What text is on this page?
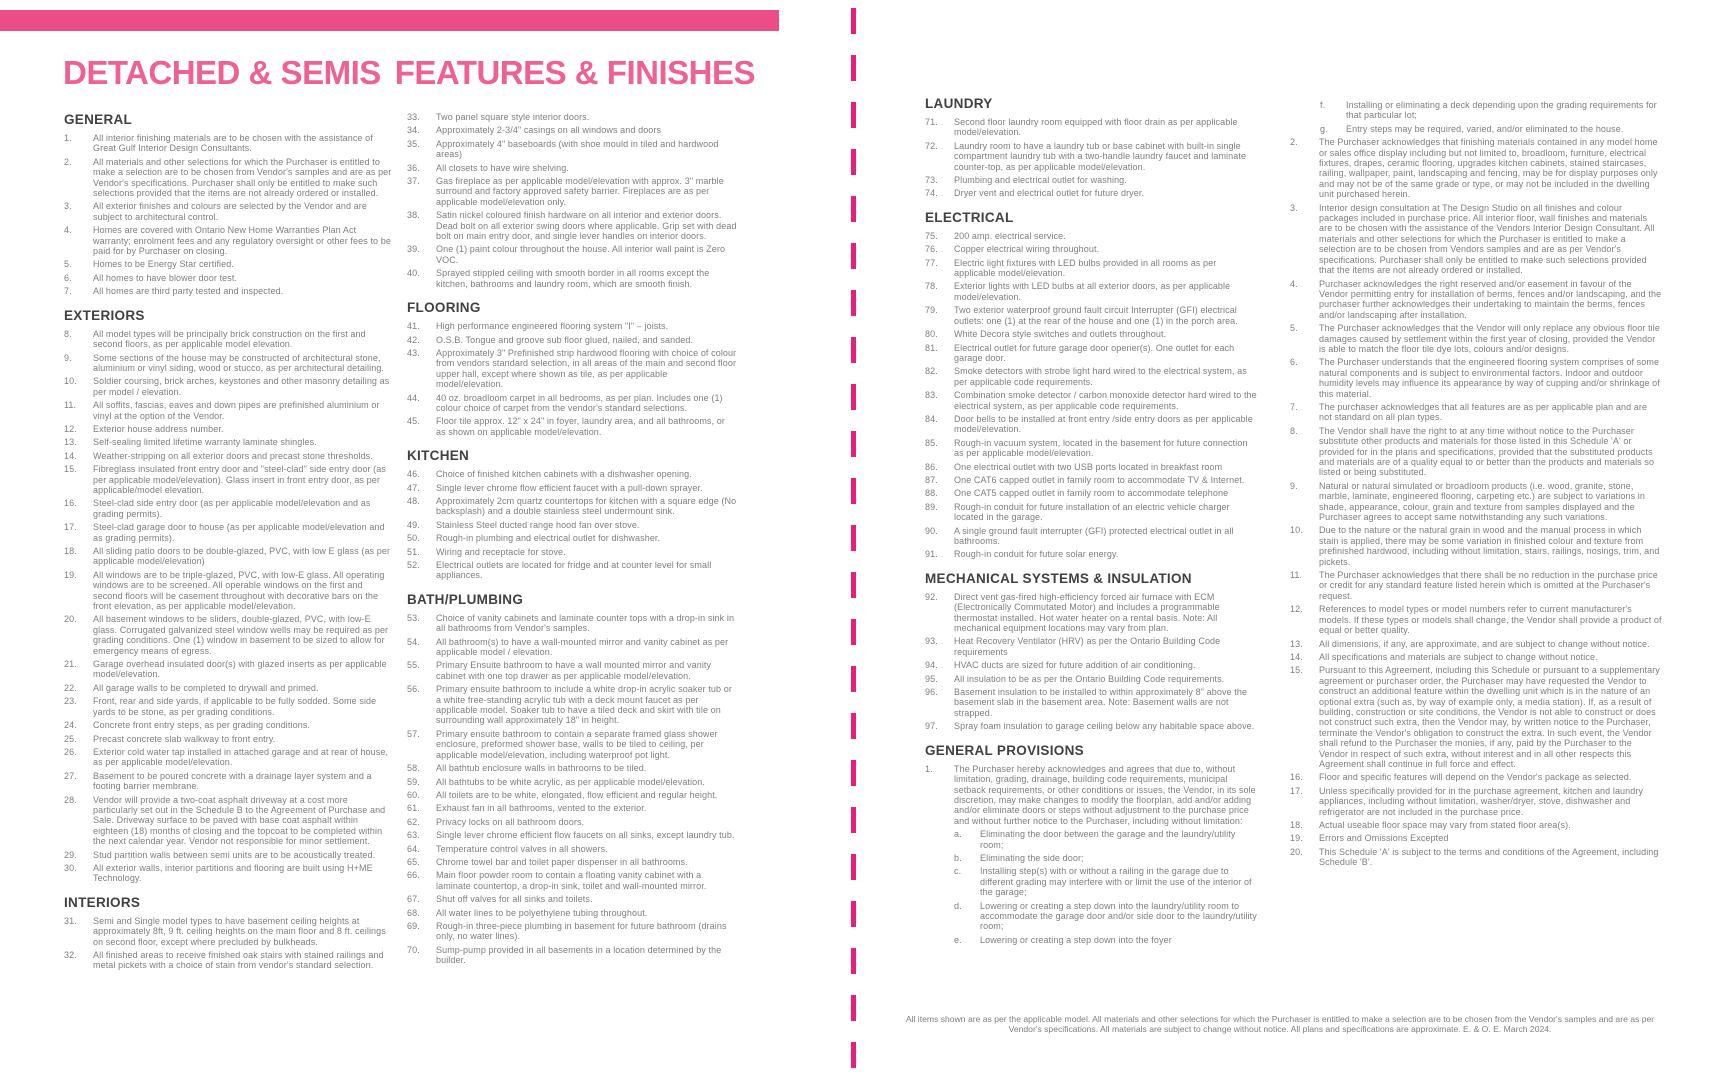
DETACHED & SEMIS FEATURES & FINISHES
GENERAL
1.	All interior finishing materials are to be chosen with the assistance of Great Gulf Interior Design Consultants.
2.	All materials and other selections for which the Purchaser is entitled to make a selection are to be chosen from Vendor's samples and are as per Vendor's specifications. Purchaser shall only be entitled to make such selections provided that the items are not already ordered or installed.
3.	All exterior finishes and colours are selected by the Vendor and are subject to architectural control.
4.	Homes are covered with Ontario New Home Warranties Plan Act warranty; enrolment fees and any regulatory oversight or other fees to be paid for by Purchaser on closing.
5.	Homes to be Energy Star certified.
6.	All homes to have blower door test.
7.	All homes are third party tested and inspected.
EXTERIORS
8.	All model types will be principally brick construction on the first and second floors, as per applicable model elevation.
9.	Some sections of the house may be constructed of architectural stone, aluminium or vinyl siding, wood or stucco, as per architectural detailing.
10.	Soldier coursing, brick arches, keystones and other masonry detailing as per model / elevation.
11.	All soffits, fascias, eaves and down pipes are prefinished aluminium or vinyl at the option of the Vendor.
12.	Exterior house address number.
13.	Self-sealing limited lifetime warranty laminate shingles.
14.	Weather-stripping on all exterior doors and precast stone thresholds.
15.	Fibreglass insulated front entry door and "steel-clad" side entry door (as per applicable model/elevation). Glass insert in front entry door, as per applicable/model elevation.
16.	Steel-clad side entry door (as per applicable model/elevation and as grading permits).
17.	Steel-clad garage door to house (as per applicable model/elevation and as grading permits).
18.	All sliding patio doors to be double-glazed, PVC, with low E glass (as per applicable model/elevation)
19.	All windows are to be triple-glazed, PVC, with low-E glass. All operating windows are to be screened. All operable windows on the first and second floors will be casement throughout with decorative bars on the front elevation, as per applicable model/elevation.
20.	All basement windows to be sliders, double-glazed, PVC, with low-E glass. Corrugated galvanized steel window wells may be required as per grading conditions. One (1) window in basement to be sized to allow for emergency means of egress.
21.	Garage overhead insulated door(s) with glazed inserts as per applicable model/elevation.
22.	All garage walls to be completed to drywall and primed.
23.	Front, rear and side yards, if applicable to be fully sodded. Some side yards to be stone, as per grading conditions.
24.	Concrete front entry steps, as per grading conditions.
25.	Precast concrete slab walkway to front entry.
26.	Exterior cold water tap installed in attached garage and at rear of house, as per applicable model/elevation.
27.	Basement to be poured concrete with a drainage layer system and a footing barrier membrane.
28.	Vendor will provide a two-coat asphalt driveway at a cost more particularly set out in the Schedule B to the Agreement of Purchase and Sale. Driveway surface to be paved with base coat asphalt within eighteen (18) months of closing and the topcoat to be completed within the next calendar year. Vendor not responsible for minor settlement.
29.	Stud partition walls between semi units are to be acoustically treated.
30.	All exterior walls, interior partitions and flooring are built using H+ME Technology.
INTERIORS
31.	Semi and Single model types to have basement ceiling heights at approximately 8ft, 9 ft. ceiling heights on the main floor and 8 ft. ceilings on second floor, except where precluded by bulkheads.
32.	All finished areas to receive finished oak stairs with stained railings and metal pickets with a choice of stain from vendor's standard selection.
33.	Two panel square style interior doors.
34.	Approximately 2-3/4" casings on all windows and doors
35.	Approximately 4" baseboards (with shoe mould in tiled and hardwood areas)
36.	All closets to have wire shelving.
37.	Gas fireplace as per applicable model/elevation with approx. 3" marble surround and factory approved safety barrier. Fireplaces are as per applicable model/elevation only.
38.	Satin nickel coloured finish hardware on all interior and exterior doors. Dead bolt on all exterior swing doors where applicable. Grip set with dead bolt on main entry door, and single lever handles on interior doors.
39.	One (1) paint colour throughout the house. All interior wall paint is Zero VOC.
40.	Sprayed stippled ceiling with smooth border in all rooms except the kitchen, bathrooms and laundry room, which are smooth finish.
FLOORING
41.	High performance engineered flooring system "I" – joists.
42.	O.S.B. Tongue and groove sub floor glued, nailed, and sanded.
43.	Approximately 3" Prefinished strip hardwood flooring with choice of colour from vendors standard selection, in all areas of the main and second floor upper hall, except where shown as tile, as per applicable model/elevation.
44.	40 oz. broadloom carpet in all bedrooms, as per plan. Includes one (1) colour choice of carpet from the vendor's standard selections.
45.	Floor tile approx. 12" x 24" in foyer, laundry area, and all bathrooms, or as shown on applicable model/elevation.
KITCHEN
46.	Choice of finished kitchen cabinets with a dishwasher opening.
47.	Single lever chrome flow efficient faucet with a pull-down sprayer.
48.	Approximately 2cm quartz countertops for kitchen with a square edge (No backsplash) and a double stainless steel undermount sink.
49.	Stainless Steel ducted range hood fan over stove.
50.	Rough-in plumbing and electrical outlet for dishwasher.
51.	Wiring and receptacle for stove.
52.	Electrical outlets are located for fridge and at counter level for small appliances.
BATH/PLUMBING
53.	Choice of vanity cabinets and laminate counter tops with a drop-in sink in all bathrooms from Vendor's samples.
54.	All bathroom(s) to have a wall-mounted mirror and vanity cabinet as per applicable model / elevation.
55.	Primary Ensuite bathroom to have a wall mounted mirror and vanity cabinet with one top drawer as per applicable model/elevation.
56.	Primary ensuite bathroom to include a white drop-in acrylic soaker tub or a white free-standing acrylic tub with a deck mount faucet as per applicable model. Soaker tub to have a tiled deck and skirt with tile on surrounding wall approximately 18" in height.
57.	Primary ensuite bathroom to contain a separate framed glass shower enclosure, preformed shower base, walls to be tiled to ceiling, per applicable model/elevation, including waterproof pot light.
58.	All bathtub enclosure walls in bathrooms to be tiled.
59.	All bathtubs to be white acrylic, as per applicable model/elevation.
60.	All toilets are to be white, elongated, flow efficient and regular height.
61.	Exhaust fan in all bathrooms, vented to the exterior.
62.	Privacy locks on all bathroom doors.
63.	Single lever chrome efficient flow faucets on all sinks, except laundry tub.
64.	Temperature control valves in all showers.
65.	Chrome towel bar and toilet paper dispenser in all bathrooms.
66.	Main floor powder room to contain a floating vanity cabinet with a laminate countertop, a drop-in sink, toilet and wall-mounted mirror.
67.	Shut off valves for all sinks and toilets.
68.	All water lines to be polyethylene tubing throughout.
69.	Rough-in three-piece plumbing in basement for future bathroom (drains only, no water lines).
70.	Sump-pump provided in all basements in a location determined by the builder.
LAUNDRY
71.	Second floor laundry room equipped with floor drain as per applicable model/elevation.
72.	Laundry room to have a laundry tub or base cabinet with built-in single compartment laundry tub with a two-handle laundry faucet and laminate counter-top, as per applicable model/elevation.
73.	Plumbing and electrical outlet for washing.
74.	Dryer vent and electrical outlet for future dryer.
ELECTRICAL
75.	200 amp. electrical service.
76.	Copper electrical wiring throughout.
77.	Electric light fixtures with LED bulbs provided in all rooms as per applicable model/elevation.
78.	Exterior lights with LED bulbs at all exterior doors, as per applicable model/elevation.
79.	Two exterior waterproof ground fault circuit Interrupter (GFI) electrical outlets: one (1) at the rear of the house and one (1) in the porch area.
80.	White Decora style switches and outlets throughout.
81.	Electrical outlet for future garage door opener(s). One outlet for each garage door.
82.	Smoke detectors with strobe light hard wired to the electrical system, as per applicable code requirements.
83.	Combination smoke detector / carbon monoxide detector hard wired to the electrical system, as per applicable code requirements.
84.	Door bells to be installed at front entry /side entry doors as per applicable model/elevation.
85.	Rough-in vacuum system, located in the basement for future connection as per applicable model/elevation.
86.	One electrical outlet with two USB ports located in breakfast room
87.	One CAT6 capped outlet in family room to accommodate TV & Internet.
88.	One CAT5 capped outlet in family room to accommodate telephone
89.	Rough-in conduit for future installation of an electric vehicle charger located in the garage.
90.	A single ground fault interrupter (GFI) protected electrical outlet in all bathrooms.
91.	Rough-in conduit for future solar energy.
MECHANICAL SYSTEMS & INSULATION
92.	Direct vent gas-fired high-efficiency forced air furnace with ECM (Electronically Commutated Motor) and includes a programmable thermostat installed. Hot water heater on a rental basis. Note: All mechanical equipment locations may vary from plan.
93.	Heat Recovery Ventilator (HRV) as per the Ontario Building Code requirements
94.	HVAC ducts are sized for future addition of air conditioning.
95.	All insulation to be as per the Ontario Building Code requirements.
96.	Basement insulation to be installed to within approximately 8" above the basement slab in the basement area. Note: Basement walls are not strapped.
97.	Spray foam insulation to garage ceiling below any habitable space above.
GENERAL PROVISIONS
1.	The Purchaser hereby acknowledges and agrees that due to, without limitation, grading, drainage, building code requirements, municipal setback requirements, or other conditions or issues, the Vendor, in its sole discretion, may make changes to modify the floorplan, add and/or adding and/or eliminate doors or steps without adjustment to the purchase price and without further notice to the Purchaser, including without limitation:
a.	Eliminating the door between the garage and the laundry/utility room;
b.	Eliminating the side door;
c.	Installing step(s) with or without a railing in the garage due to different grading may interfere with or limit the use of the interior of the garage;
d.	Lowering or creating a step down into the laundry/utility room to accommodate the garage door and/or side door to the laundry/utility room;
e.	Lowering or creating a step down into the foyer
f.	Installing or eliminating a deck depending upon the grading requirements for that particular lot;
g.	Entry steps may be required, varied, and/or eliminated to the house.
2.	The Purchaser acknowledges that finishing materials contained in any model home or sales office display including but not limited to, broadloom, furniture, electrical fixtures, drapes, ceramic flooring, upgrades kitchen cabinets, stained staircases, railing, wallpaper, paint, landscaping and fencing, may be for display purposes only and may not be of the same grade or type, or may not be included in the dwelling unit purchased herein.
3.	Interior design consultation at The Design Studio on all finishes and colour packages included in purchase price. All interior floor, wall finishes and materials are to be chosen with the assistance of the Vendors Interior Design Consultant. All materials and other selections for which the Purchaser is entitled to make a selection are to be chosen from Vendors samples and are as per Vendor's specifications. Purchaser shall only be entitled to make such selections provided that the items are not already ordered or installed.
4.	Purchaser acknowledges the right reserved and/or easement in favour of the Vendor permitting entry for installation of berms, fences and/or landscaping, and the purchaser further acknowledges their undertaking to maintain the berms, fences and/or landscaping after installation.
5.	The Purchaser acknowledges that the Vendor will only replace any obvious floor tile damages caused by settlement within the first year of closing, provided the Vendor is able to match the floor tile dye lots, colours and/or designs.
6.	The Purchaser understands that the engineered flooring system comprises of some natural components and is subject to environmental factors. Indoor and outdoor humidity levels may influence its appearance by way of cupping and/or shrinkage of this material.
7.	The purchaser acknowledges that all features are as per applicable plan and are not standard on all plan types.
8.	The Vendor shall have the right to at any time without notice to the Purchaser substitute other products and materials for those listed in this Schedule 'A' or provided for in the plans and specifications, provided that the substituted products and materials are of a quality equal to or better than the products and materials so listed or being substituted.
9.	Natural or natural simulated or broadloom products (i.e. wood, granite, stone, marble, laminate, engineered flooring, carpeting etc.) are subject to variations in shade, appearance, colour, grain and texture from samples displayed and the Purchaser agrees to accept same notwithstanding any such variations.
10.	Due to the nature or the natural grain in wood and the manual process in which stain is applied, there may be some variation in finished colour and texture from prefinished hardwood, including without limitation, stairs, railings, nosings, trim, and pickets.
11.	The Purchaser acknowledges that there shall be no reduction in the purchase price or credit for any standard feature listed herein which is omitted at the Purchaser's request.
12.	References to model types or model numbers refer to current manufacturer's models. If these types or models shall change, the Vendor shall provide a product of equal or better quality.
13.	All dimensions, if any, are approximate, and are subject to change without notice.
14.	All specifications and materials are subject to change without notice.
15.	Pursuant to this Agreement, including this Schedule or pursuant to a supplementary agreement or purchaser order, the Purchaser may have requested the Vendor to construct an additional feature within the dwelling unit which is in the nature of an optional extra (such as, by way of example only, a media station). If, as a result of building, construction or site conditions, the Vendor is not able to construct or does not construct such extra, then the Vendor may, by written notice to the Purchaser, terminate the Vendor's obligation to construct the extra. In such event, the Vendor shall refund to the Purchaser the monies, if any, paid by the Purchaser to the Vendor in respect of such extra, without interest and in all other respects this Agreement shall continue in full force and effect.
16.	Floor and specific features will depend on the Vendor's package as selected.
17.	Unless specifically provided for in the purchase agreement, kitchen and laundry appliances, including without limitation, washer/dryer, stove, dishwasher and refrigerator are not included in the purchase price.
18.	Actual useable floor space may vary from stated floor area(s).
19.	Errors and Omissions Excepted
20.	This Schedule 'A' is subject to the terms and conditions of the Agreement, including Schedule 'B'.
All items shown are as per the applicable model. All materials and other selections for which the Purchaser is entitled to make a selection are to be chosen from the Vendor's samples and are as per Vendor's specifications. All materials are subject to change without notice. All plans and specifications are approximate. E. & O. E. March 2024.
